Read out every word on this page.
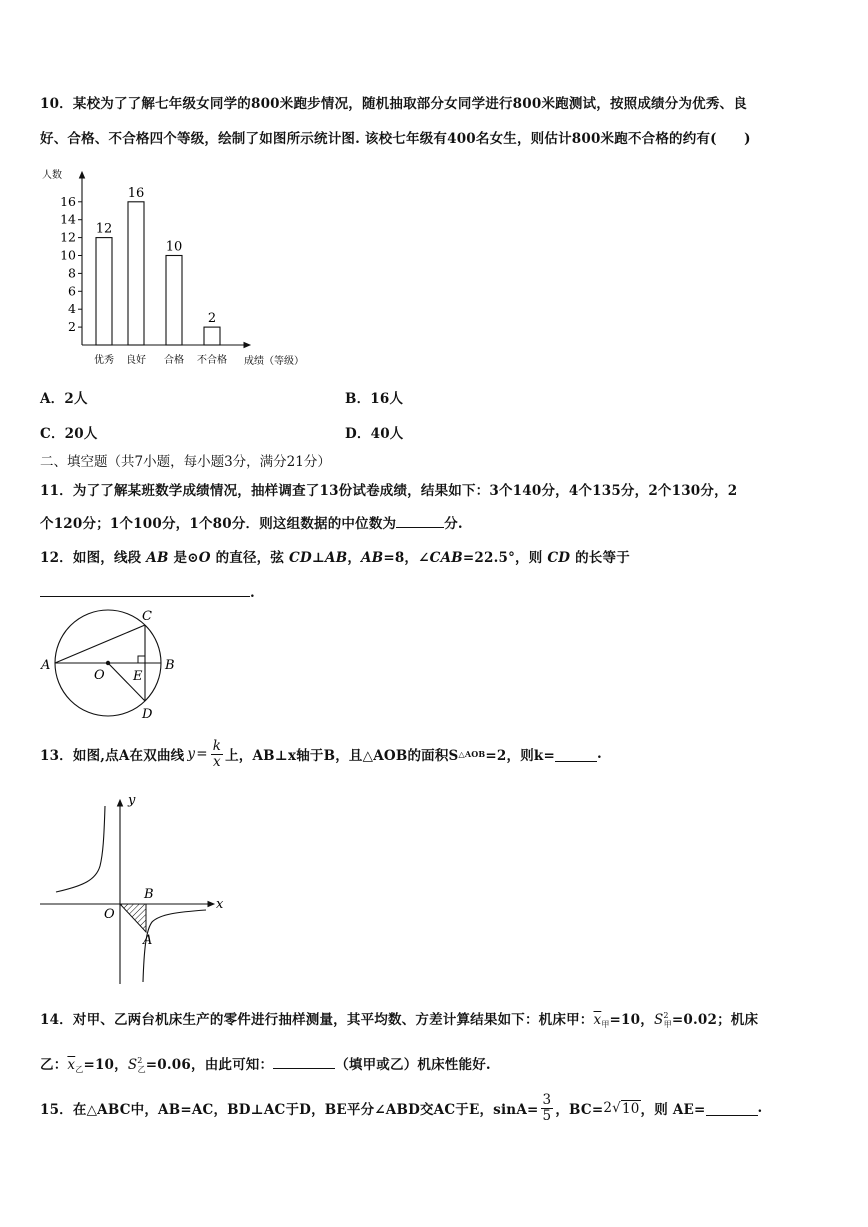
10．某校为了了解七年级女同学的800米跑步情况，随机抽取部分女同学进行800米跑测试，按照成绩分为优秀、良
好、合格、不合格四个等级，绘制了如图所示统计图. 该校七年级有400名女生，则估计800米跑不合格的约有(　　)
2
4
6
8
10
12
14
16
人数
成绩（等级）
12
优秀
16
良好
10
合格
2
不合格
A．2人	B．16人
C．20人	D．40人
二、填空题（共7小题，每小题3分，满分21分）
11．为了了解某班数学成绩情况，抽样调查了13份试卷成绩，结果如下：3个140分，4个135分，2个130分，2
个120分；1个100分，1个80分．则这组数据的中位数为	分.
12．如图，线段 AB 是⊙O 的直径，弦 CD⊥AB，AB=8，∠CAB=22.5°，则 CD 的长等于
.
A	B
C
D
O E
13．如图,点A在双曲线 $y = \frac{k}{x}$ 上，AB⊥x轴于B，且△AOB的面积S △AOB =2，则k=	.
x
y
O
B
A
14．对甲、乙两台机床生产的零件进行抽样测量，其平均数、方差计算结果如下：机床甲：$\overline{x}_甲=10$，$S^2_甲=0.02$；机床
乙：$\overline{x}_乙=10$，$S^2_乙=0.06$，由此可知：	（填甲或乙）机床性能好.
15．在△ABC中，AB=AC，BD⊥AC于D，BE平分∠ABD交AC于E，$\sin A= \frac{3}{5}$ ，BC= 2 √ 10 ，则 AE=	.
